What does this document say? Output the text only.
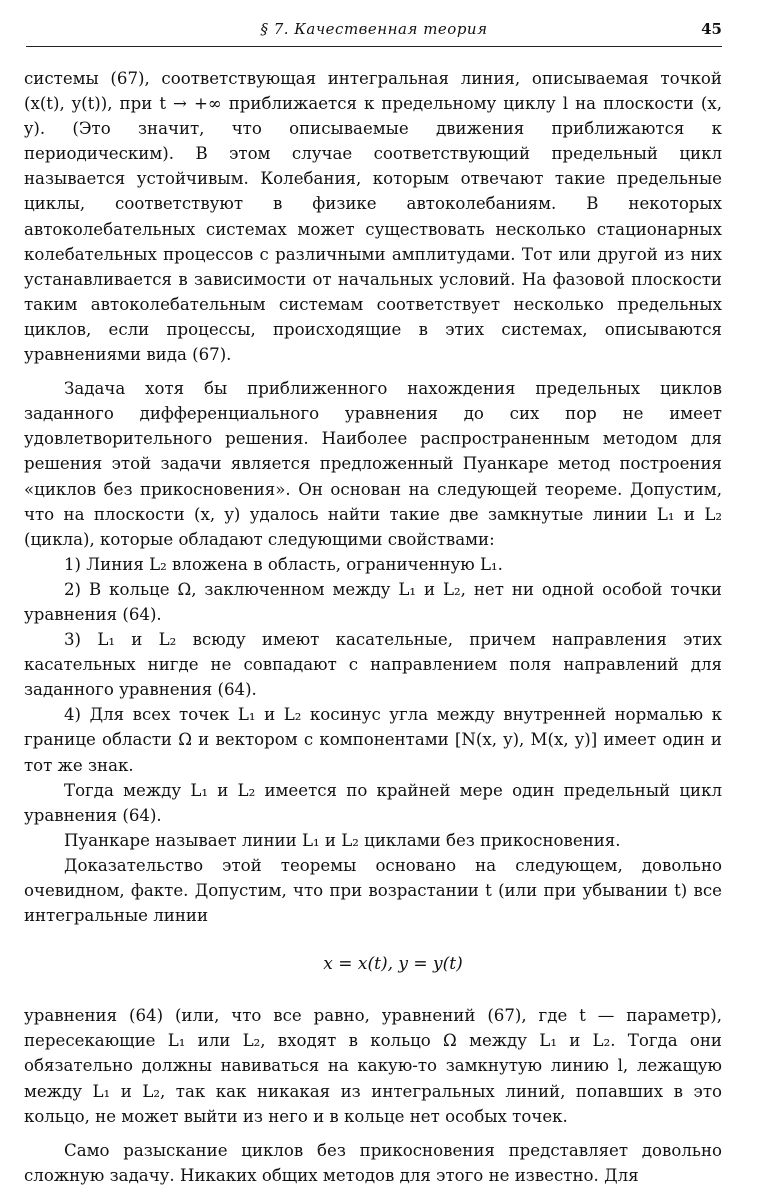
§ 7. Качественная теория	45

системы (67), соответствующая интегральная линия, описываемая точкой (x(t), y(t)), при t → +∞ приближается к предельному циклу l на плоскости (x, y). (Это значит, что описываемые движения приближаются к периодическим). В этом случае соответствующий предельный цикл называется устойчивым. Колебания, которым отвечают такие предельные циклы, соответствуют в физике автоколебаниям. В некоторых автоколебательных системах может существовать несколько стационарных колебательных процессов с различными амплитудами. Тот или другой из них устанавливается в зависимости от начальных условий. На фазовой плоскости таким автоколебательным системам соответствует несколько предельных циклов, если процессы, происходящие в этих системах, описываются уравнениями вида (67).

Задача хотя бы приближенного нахождения предельных циклов заданного дифференциального уравнения до сих пор не имеет удовлетворительного решения. Наиболее распространенным методом для решения этой задачи является предложенный Пуанкаре метод построения «циклов без прикосновения». Он основан на следующей теореме. Допустим, что на плоскости (x, y) удалось найти такие две замкнутые линии L₁ и L₂ (цикла), которые обладают следующими свойствами:

1) Линия L₂ вложена в область, ограниченную L₁.

2) В кольце Ω, заключенном между L₁ и L₂, нет ни одной особой точки уравнения (64).

3) L₁ и L₂ всюду имеют касательные, причем направления этих касательных нигде не совпадают с направлением поля направлений для заданного уравнения (64).

4) Для всех точек L₁ и L₂ косинус угла между внутренней нормалью к границе области Ω и вектором с компонентами [N(x, y), M(x, y)] имеет один и тот же знак.

Тогда между L₁ и L₂ имеется по крайней мере один предельный цикл уравнения (64).

Пуанкаре называет линии L₁ и L₂ циклами без прикосновения.

Доказательство этой теоремы основано на следующем, довольно очевидном, факте. Допустим, что при возрастании t (или при убывании t) все интегральные линии

x = x(t), y = y(t)

уравнения (64) (или, что все равно, уравнений (67), где t — параметр), пересекающие L₁ или L₂, входят в кольцо Ω между L₁ и L₂. Тогда они обязательно должны навиваться на какую-то замкнутую линию l, лежащую между L₁ и L₂, так как никакая из интегральных линий, попавших в это кольцо, не может выйти из него и в кольце нет особых точек.

Само разыскание циклов без прикосновения представляет довольно сложную задачу. Никаких общих методов для этого не известно. Для
